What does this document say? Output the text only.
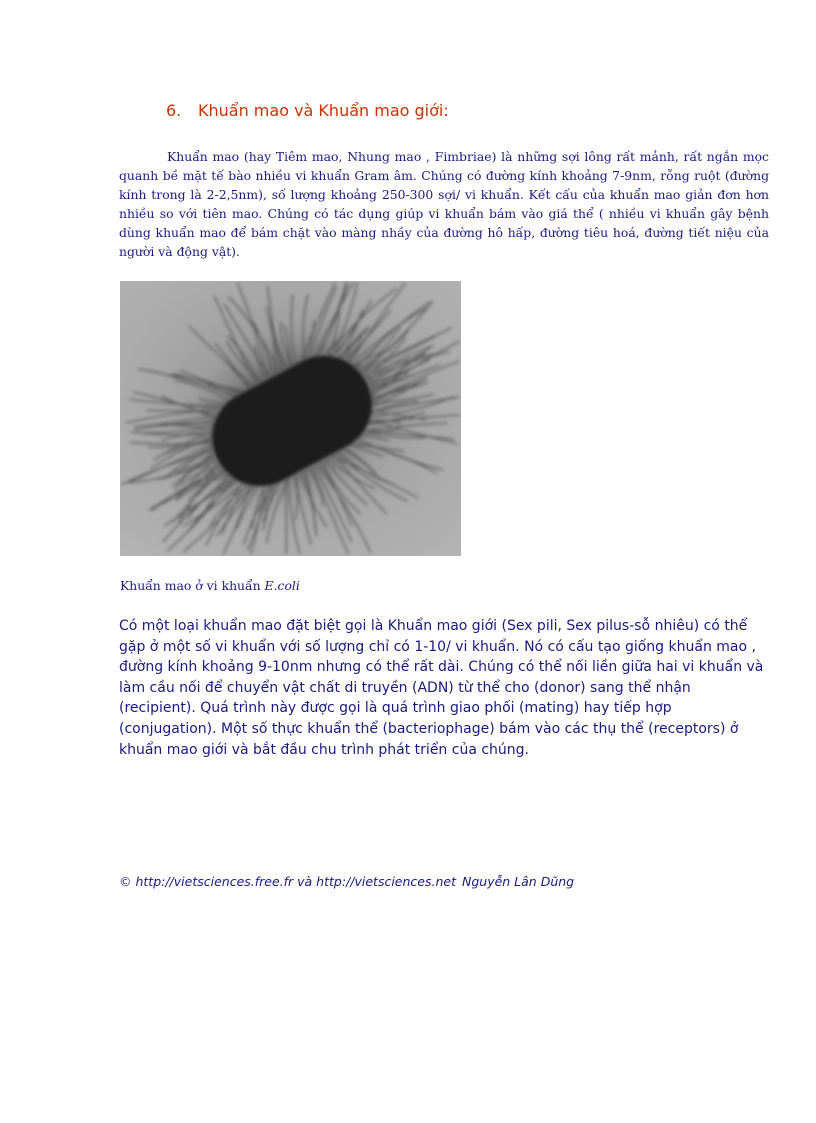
6. Khuẩn mao và Khuẩn mao giới:

Khuẩn mao (hay Tiêm mao, Nhung mao , Fimbriae) là những sợi lông rất mảnh, rất ngắn mọc quanh bề mặt tế bào nhiều vi khuẩn Gram âm. Chúng có đường kính khoảng 7-9nm, rỗng ruột (đường kính trong là 2-2,5nm), số lượng khoảng 250-300 sợi/ vi khuẩn. Kết cấu của khuẩn mao giản đơn hơn nhiều so với tiên mao. Chúng có tác dụng giúp vi khuẩn bám vào giá thể ( nhiều vi khuẩn gây bệnh dùng khuẩn mao để bám chặt vào màng nhầy của đường hô hấp, đường tiêu hoá, đường tiết niệu của người và động vật).

Khuẩn mao ở vi khuẩn E.coli

Có một loại khuẩn mao đặt biệt gọi là Khuẩn mao giới (Sex pili, Sex pilus-sỗ nhiêu) có thể gặp ở một số vi khuẩn với số lượng chỉ có 1-10/ vi khuẩn. Nó có cấu tạo giống khuẩn mao , đường kính khoảng 9-10nm nhưng có thể rất dài. Chúng có thể nối liền giữa hai vi khuẩn và làm cầu nối để chuyển vật chất di truyền (ADN) từ thể cho (donor) sang thể nhận (recipient). Quá trình này được gọi là quá trình giao phối (mating) hay tiếp hợp (conjugation). Một số thực khuẩn thể (bacteriophage) bám vào các thụ thể (receptors) ở khuẩn mao giới và bắt đầu chu trình phát triển của chúng.

© http://vietsciences.free.fr và http://vietsciences.net Nguyễn Lân Dũng
